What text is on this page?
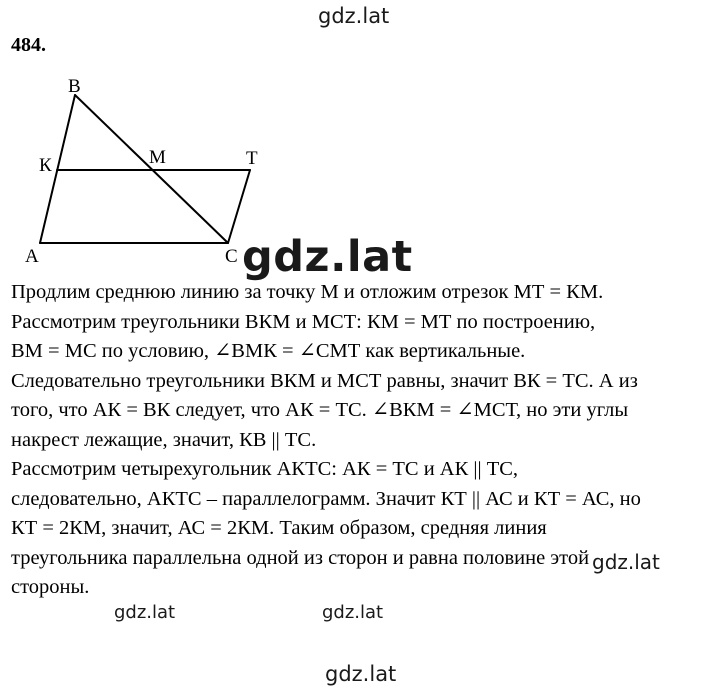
gdz.lat
484.
B
К	M	T
A	C gdz.lat
Продлим среднюю линию за точку М и отложим отрезок МТ = КМ.
Рассмотрим треугольники ВКМ и МСТ: КМ = МТ по построению,
ВМ = МС по условию, ∠ВМК = ∠СМТ как вертикальные.
Следовательно треугольники ВКМ и МСТ равны, значит ВК = ТС. А из
того, что АК = ВК следует, что АК = ТС. ∠ВКМ = ∠МСТ, но эти углы
накрест лежащие, значит, КВ || ТС.
Рассмотрим четырехугольник АКТС: АК = ТС и АК || ТС,
следовательно, АКТС – параллелограмм. Значит КТ || АС и КТ = АС, но
КТ = 2КМ, значит, АС = 2КМ. Таким образом, средняя линия
треугольника параллельна одной из сторон и равна половине этой
стороны.
gdz.lat
gdz.lat	gdz.lat
gdz.lat
